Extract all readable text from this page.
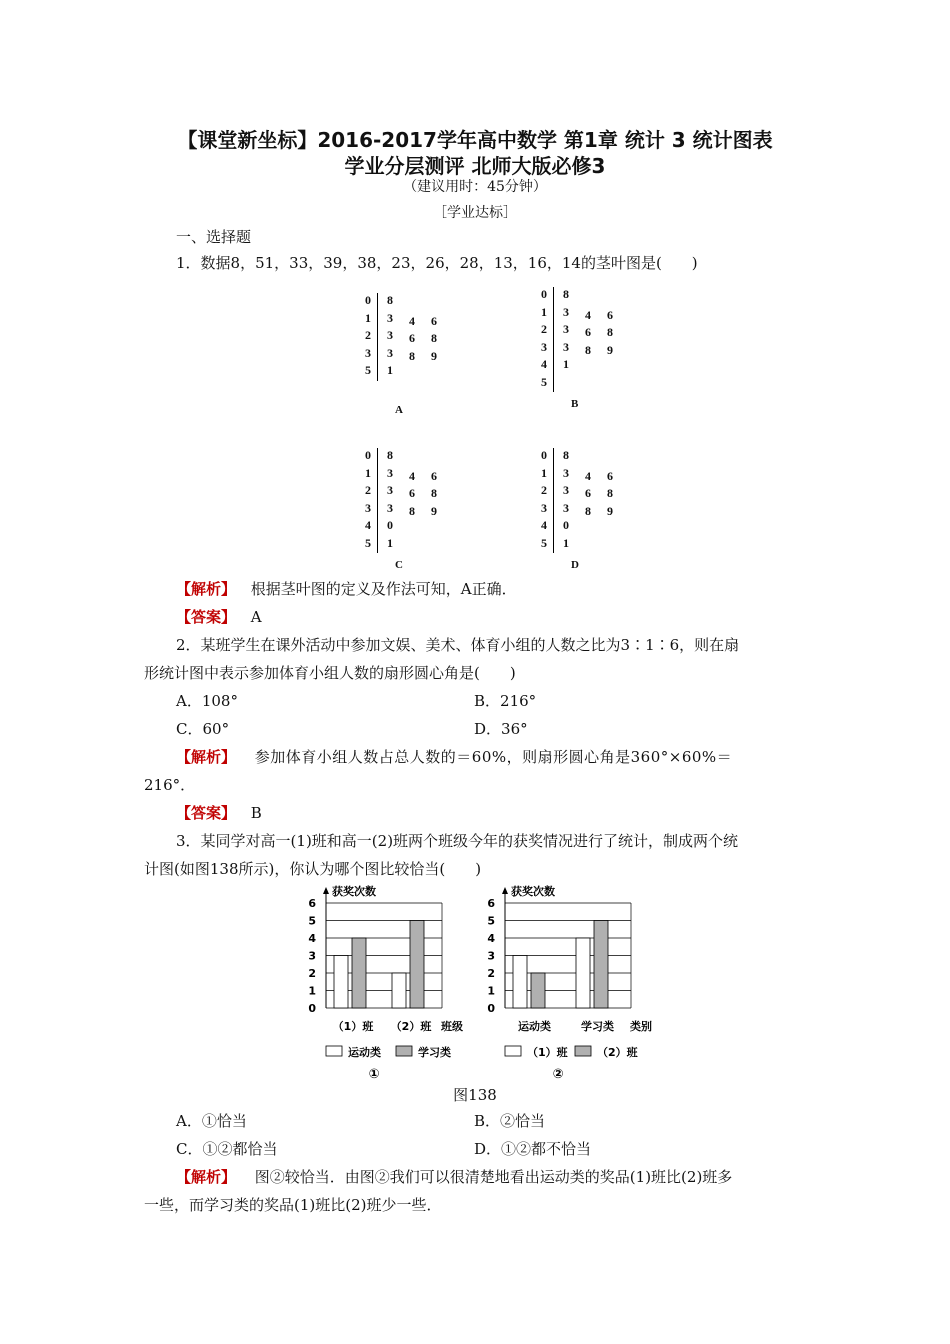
【课堂新坐标】2016-2017学年高中数学 第1章 统计 3 统计图表
学业分层测评 北师大版必修3
（建议用时：45分钟）
［学业达标］
一、选择题
1．数据8，51，33，39，38，23，26，28，13，16，14的茎叶图是(　　)
0 8
1 3 4 6
2 3 6 8
3 3 8 9
5 1
A
0 8
1 3 4 6
2 3 6 8
3 3 8 9
4 1
5
B
0 8
1 3 4 6
2 3 6 8
3 3 8 9
4 0
5 1
C
0 8
1 3 4 6
2 3 6 8
3 3 8 9
4 0
5 1
D
【解析】 根据茎叶图的定义及作法可知，A正确．
【答案】 A
2．某班学生在课外活动中参加文娱、美术、体育小组的人数之比为3∶1∶6，则在扇
形统计图中表示参加体育小组人数的扇形圆心角是(　　)
A．108°	B．216°
C．60°	D．36°
【解析】 参加体育小组人数占总人数的＝60%，则扇形圆心角是360°×60%＝
216°．
【答案】 B
3．某同学对高一(1)班和高一(2)班两个班级今年的获奖情况进行了统计，制成两个统
计图(如图138所示)，你认为哪个图比较恰当(　　)
0
1
2
3
4
5
6
获奖次数
（1）班 （2）班 班级
运动类	学习类
①
0
1
2
3
4
5
6
获奖次数
运动类	学习类 类别
（1）班	（2）班
②
图138
A．①恰当	B．②恰当
C．①②都恰当	D．①②都不恰当
【解析】 图②较恰当．由图②我们可以很清楚地看出运动类的奖品(1)班比(2)班多
一些，而学习类的奖品(1)班比(2)班少一些．
